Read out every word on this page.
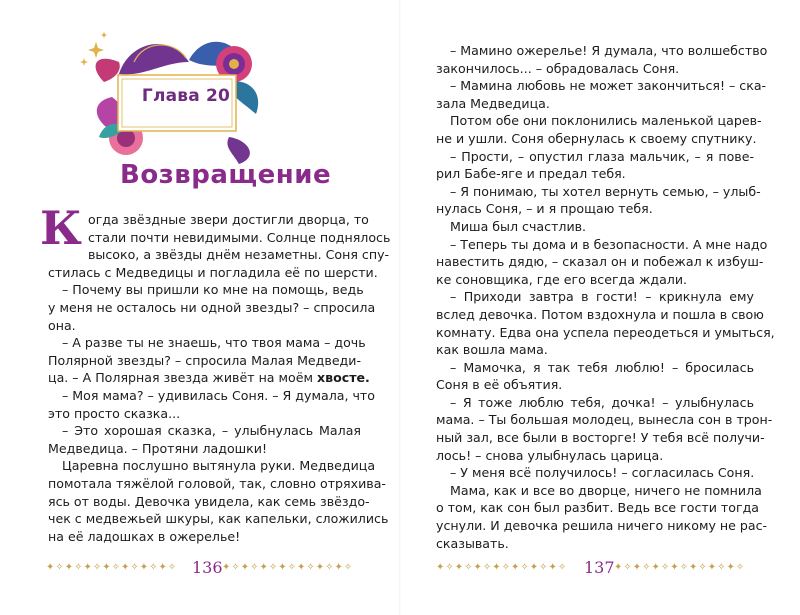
Глава 20
Возвращение
К огда звёздные звери достигли дворца, то
стали почти невидимыми. Солнце поднялось
высоко, а звёзды днём незаметны. Соня спу-
стилась с Медведицы и погладила её по шерсти.
– Почему вы пришли ко мне на помощь, ведь
у меня не осталось ни одной звезды? – спросила
она.
– А разве ты не знаешь, что твоя мама – дочь
Полярной звезды? – спросила Малая Медведи-
ца. – А Полярная звезда живёт на моём хвосте.
– Моя мама? – удивилась Соня. – Я думала, что
это просто сказка...
– Это хорошая сказка, – улыбнулась Малая
Медведица. – Протяни ладошки!
Царевна послушно вытянула руки. Медведица
помотала тяжёлой головой, так, словно отряхива-
ясь от воды. Девочка увидела, как семь звёздо-
чек с медвежьей шкуры, как капельки, сложились
на её ладошках в ожерелье!
✦✧✦✧✦✧✦✧✦✧✦✧✦✧ 136 ✦✧✦✧✦✧✦✧✦✧✦✧✦✧
– Мамино ожерелье! Я думала, что волшебство
закончилось... – обрадовалась Соня.
– Мамина любовь не может закончиться! – ска-
зала Медведица.
Потом обе они поклонились маленькой царев-
не и ушли. Соня обернулась к своему спутнику.
– Прости, – опустил глаза мальчик, – я пове-
рил Бабе-яге и предал тебя.
– Я понимаю, ты хотел вернуть семью, – улыб-
нулась Соня, – и я прощаю тебя.
Миша был счастлив.
– Теперь ты дома и в безопасности. А мне надо
навестить дядю, – сказал он и побежал к избуш-
ке соновщика, где его всегда ждали.
– Приходи завтра в гости! – крикнула ему
вслед девочка. Потом вздохнула и пошла в свою
комнату. Едва она успела переодеться и умыться,
как вошла мама.
– Мамочка, я так тебя люблю! – бросилась
Соня в её объятия.
– Я тоже люблю тебя, дочка! – улыбнулась
мама. – Ты большая молодец, вынесла сон в трон-
ный зал, все были в восторге! У тебя всё получи-
лось! – снова улыбнулась царица.
– У меня всё получилось! – согласилась Соня.
Мама, как и все во дворце, ничего не помнила
о том, как сон был разбит. Ведь все гости тогда
уснули. И девочка решила ничего никому не рас-
сказывать.
✦✧✦✧✦✧✦✧✦✧✦✧✦✧ 137 ✦✧✦✧✦✧✦✧✦✧✦✧✦✧
